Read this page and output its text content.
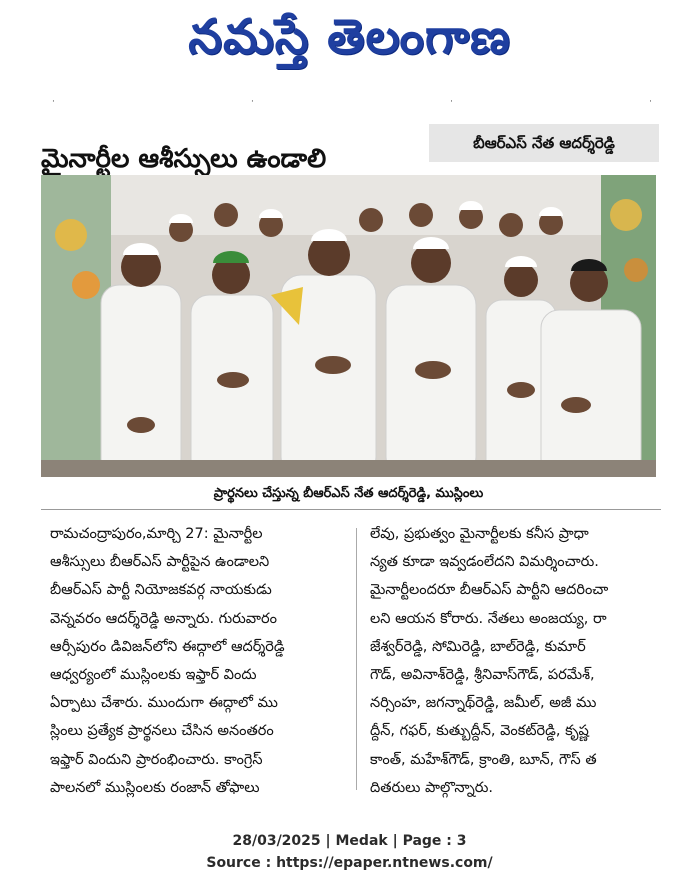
నమస్తే తెలంగాణ
·	·	·	·
మైనార్టీల ఆశీస్సులు ఉండాలి
బీఆర్ఎస్ నేత ఆదర్శ్‌రెడ్డి
ప్రార్థనలు చేస్తున్న బీఆర్ఎస్ నేత ఆదర్శ్‌రెడ్డి, ముస్లింలు
రామచంద్రాపురం,మార్చి 27: మైనార్టీల
ఆశీస్సులు బీఆర్ఎస్ పార్టీపైన ఉండాలని
బీఆర్ఎస్ పార్టీ నియోజకవర్గ నాయకుడు
వెన్నవరం ఆదర్శ్‌రెడ్డి అన్నారు. గురువారం
ఆర్సీపురం డివిజన్‌లోని ఈద్గాలో ఆదర్శ్‌రెడ్డి
ఆధ్వర్యంలో ముస్లింలకు ఇఫ్తార్ విందు
ఏర్పాటు చేశారు. ముందుగా ఈద్గాలో ము
స్లింలు ప్రత్యేక ప్రార్థనలు చేసిన అనంతరం
ఇఫ్తార్ విందుని ప్రారంభించారు. కాంగ్రెస్
పాలనలో ముస్లింలకు రంజాన్ తోఫాలు
లేవు, ప్రభుత్వం మైనార్టీలకు కనీస ప్రాధా
న్యత కూడా ఇవ్వడంలేదని విమర్శించారు.
మైనార్టీలందరూ బీఆర్ఎస్ పార్టీని ఆదరించా
లని ఆయన కోరారు. నేతలు అంజయ్య, రా
జేశ్వర్‌రెడ్డి, సోమిరెడ్డి, బాల్‌రెడ్డి, కుమార్
గౌడ్, అవినాశ్‌రెడ్డి, శ్రీనివాస్‌గౌడ్, పరమేశ్,
నర్సింహ, జగన్నాథ్‌రెడ్డి, జమీల్, అజీ ము
ద్దీన్, గఫర్, కుత్బుద్దీన్, వెంకట్‌రెడ్డి, కృష్ణ
కాంత్, మహేశ్‌గౌడ్, క్రాంతి, బూన్, గౌస్ త
దితరులు పాల్గొన్నారు.
28/03/2025 | Medak | Page : 3
Source : https://epaper.ntnews.com/
